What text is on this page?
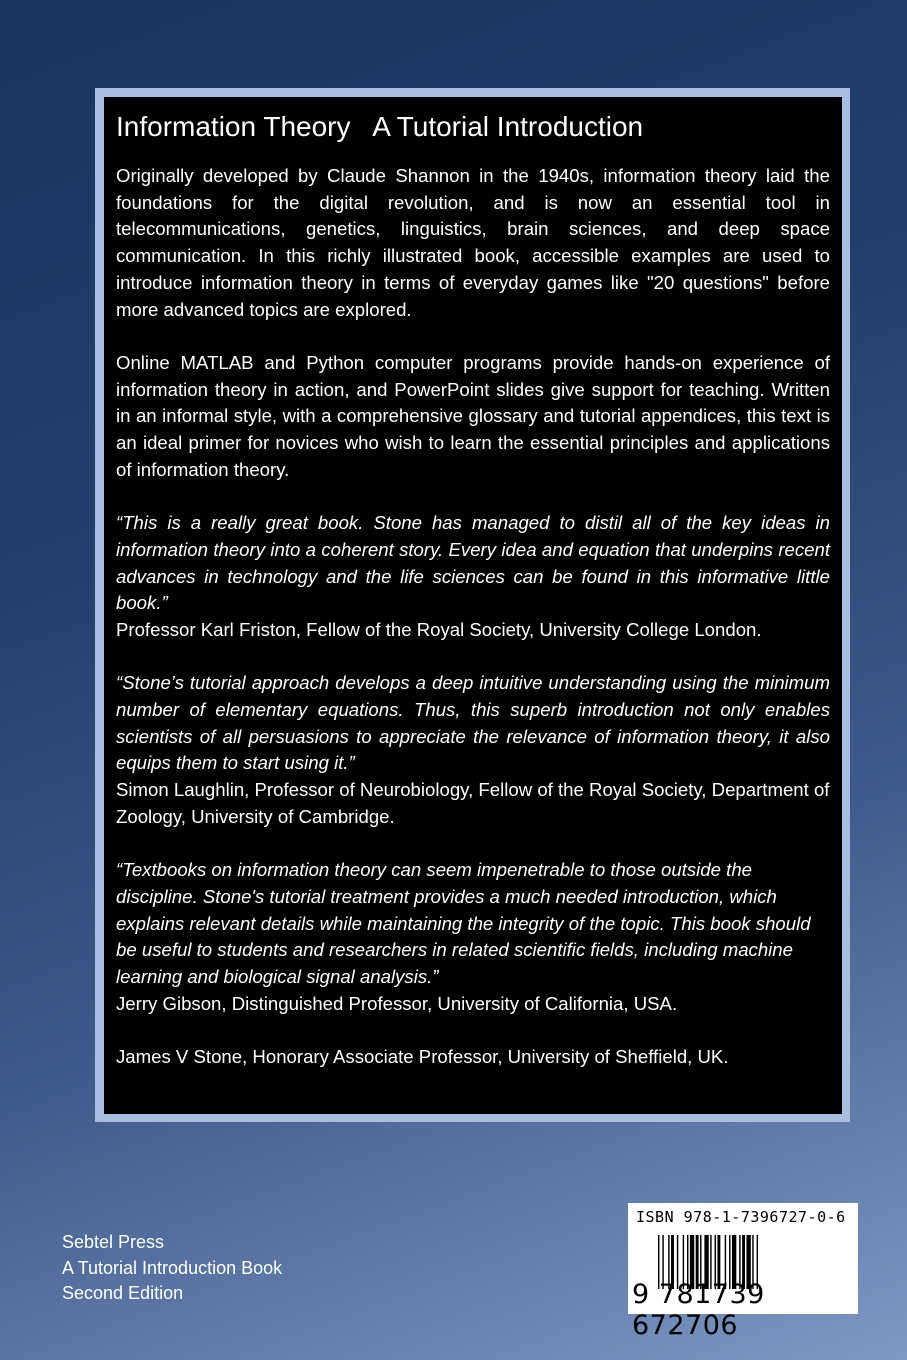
Information Theory   A Tutorial Introduction

Originally developed by Claude Shannon in the 1940s, information theory laid the foundations for the digital revolution, and is now an essential tool in telecommunications, genetics, linguistics, brain sciences, and deep space communication. In this richly illustrated book, accessible examples are used to introduce information theory in terms of everyday games like "20 questions" before more advanced topics are explored.

Online MATLAB and Python computer programs provide hands-on experience of information theory in action, and PowerPoint slides give support for teaching. Written in an informal style, with a comprehensive glossary and tutorial appendices, this text is an ideal primer for novices who wish to learn the essential principles and applications of information theory.

“This is a really great book. Stone has managed to distil all of the key ideas in information theory into a coherent story. Every idea and equation that underpins recent advances in technology and the life sciences can be found in this informative little book.”
Professor Karl Friston, Fellow of the Royal Society, University College London.

“Stone’s tutorial approach develops a deep intuitive understanding using the minimum number of elementary equations. Thus, this superb introduction not only enables scientists of all persuasions to appreciate the relevance of information theory, it also equips them to start using it.”
Simon Laughlin, Professor of Neurobiology, Fellow of the Royal Society, Department of Zoology, University of Cambridge.

“Textbooks on information theory can seem impenetrable to those outside the discipline. Stone's tutorial treatment provides a much needed introduction, which explains relevant details while maintaining the integrity of the topic. This book should be useful to students and researchers in related scientific fields, including machine learning and biological signal analysis.”
Jerry Gibson, Distinguished Professor, University of California, USA.

James V Stone, Honorary Associate Professor, University of Sheffield, UK.

Sebtel Press
A Tutorial Introduction Book
Second Edition
ISBN 978-1-7396727-0-6
9 781739 672706
